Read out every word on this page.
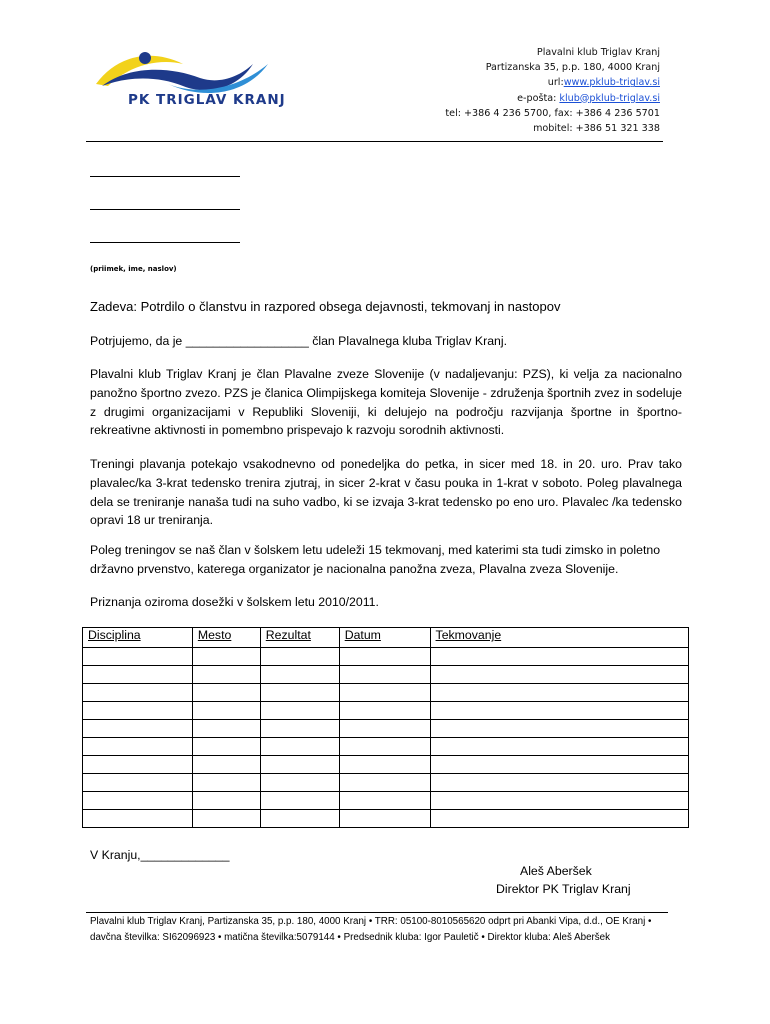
PK TRIGLAV KRANJ
Plavalni klub Triglav Kranj
Partizanska 35, p.p. 180, 4000 Kranj
url:www.pklub-triglav.si
e-pošta: klub@pklub-triglav.si
tel: +386 4 236 5700, fax: +386 4 236 5701
mobitel: +386 51 321 338
(priimek, ime, naslov)
Zadeva: Potrdilo o članstvu in razpored obsega dejavnosti, tekmovanj in nastopov
Potrjujemo, da je __________________ član Plavalnega kluba Triglav Kranj.
Plavalni klub Triglav Kranj je član Plavalne zveze Slovenije (v nadaljevanju: PZS), ki velja za nacionalno panožno športno zvezo. PZS je članica Olimpijskega komiteja Slovenije - združenja športnih zvez in sodeluje z drugimi organizacijami v Republiki Sloveniji, ki delujejo na področju razvijanja športne in športno- rekreativne aktivnosti in pomembno prispevajo k razvoju sorodnih aktivnosti.
Treningi plavanja potekajo vsakodnevno od ponedeljka do petka, in sicer med 18. in 20. uro. Prav tako plavalec/ka 3-krat tedensko trenira zjutraj, in sicer 2-krat v času pouka in 1-krat v soboto. Poleg plavalnega dela se treniranje nanaša tudi na suho vadbo, ki se izvaja 3-krat tedensko po eno uro. Plavalec /ka tedensko opravi 18 ur treniranja.
Poleg treningov se naš član v šolskem letu udeleži 15 tekmovanj, med katerimi sta tudi zimsko in poletno državno prvenstvo, katerega organizator je nacionalna panožna zveza, Plavalna zveza Slovenije.
Priznanja oziroma dosežki v šolskem letu 2010/2011.
Disciplina	Mesto	Rezultat	Datum	Tekmovanje

V Kranju,_____________
Aleš Aberšek
Direktor PK Triglav Kranj
Plavalni klub Triglav Kranj, Partizanska 35, p.p. 180, 4000 Kranj • TRR: 05100-8010565620 odprt pri Abanki Vipa, d.d., OE Kranj •
davčna številka: SI62096923 • matična številka:5079144 • Predsednik kluba: Igor Pauletič • Direktor kluba: Aleš Aberšek
